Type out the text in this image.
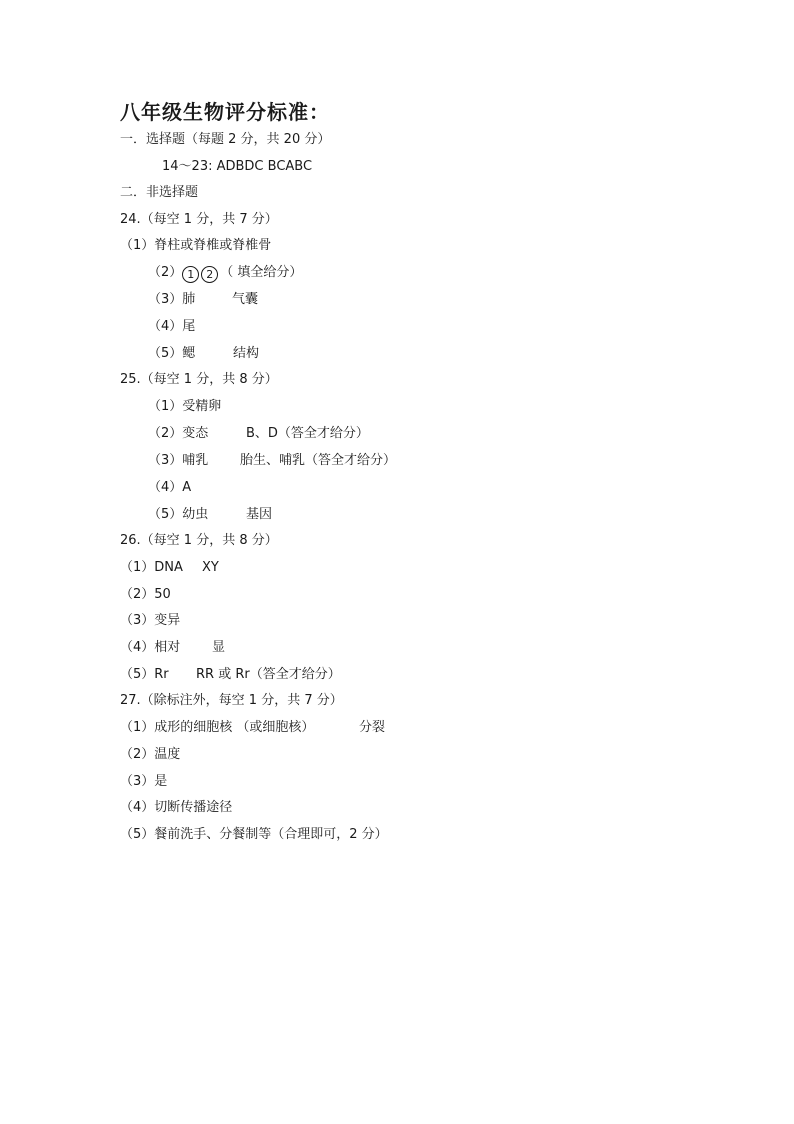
八年级生物评分标准：
一．选择题（每题 2 分，共 20 分）
14～23: ADBDC BCABC
二．非选择题
24.（每空 1 分，共 7 分）
（1）脊柱或脊椎或脊椎骨
（2） 1 2 （ 填全给分）
（3）肺	气囊
（4）尾
（5）鳃	结构
25.（每空 1 分，共 8 分）
（1）受精卵
（2）变态	B、D（答全才给分）
（3）哺乳 胎生、哺乳（答全才给分）
（4）A
（5）幼虫	基因
26.（每空 1 分，共 8 分）
（1）DNA XY
（2）50
（3）变异
（4）相对 显
（5）Rr RR 或 Rr（答全才给分）
27.（除标注外，每空 1 分，共 7 分）
（1）成形的细胞核 （或细胞核）	分裂
（2）温度
（3）是
（4）切断传播途径
（5）餐前洗手、分餐制等（合理即可，2 分）
